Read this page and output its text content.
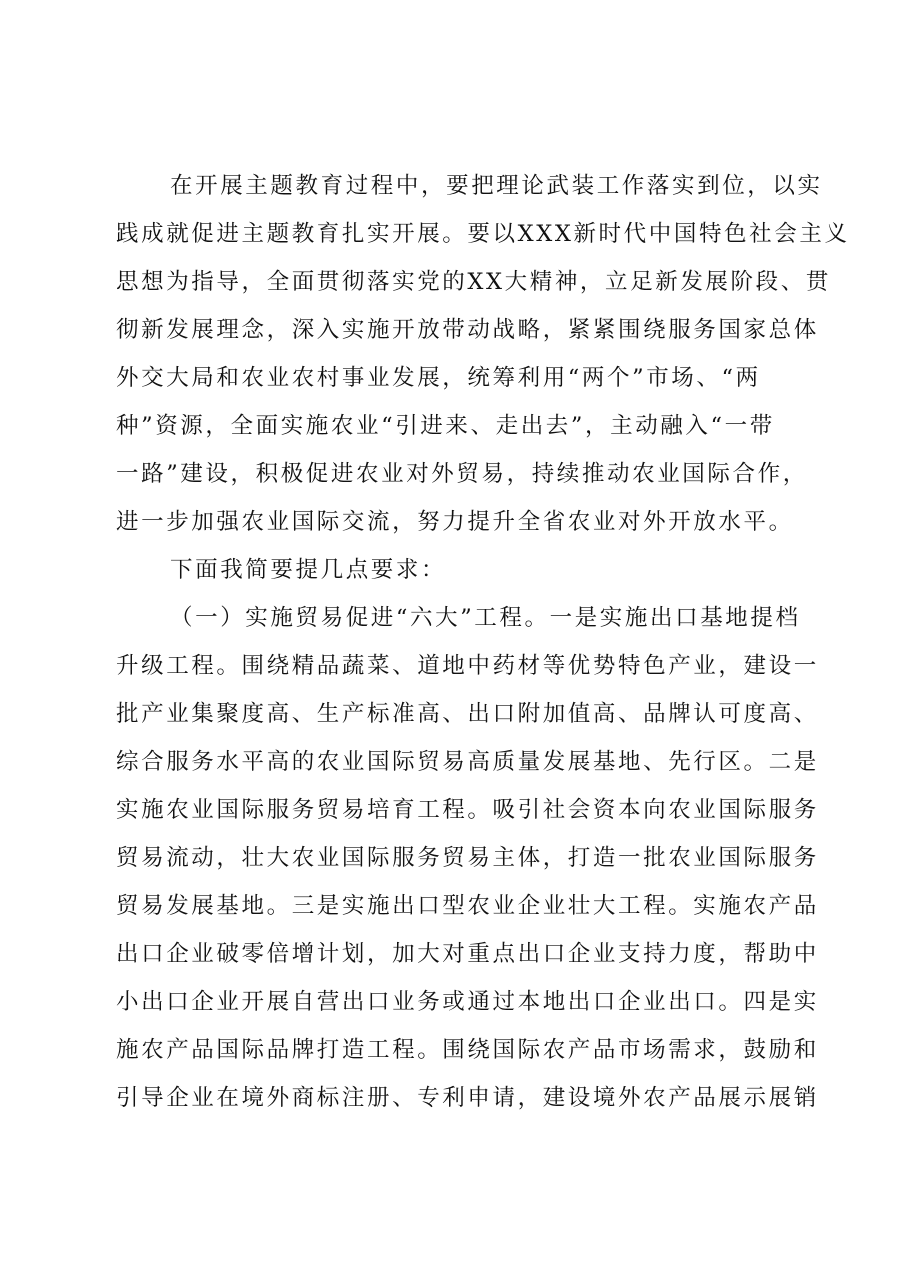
在开展主题教育过程中，要把理论武装工作落实到位，以实
践成就促进主题教育扎实开展。要以XXX新时代中国特色社会主义
思想为指导，全面贯彻落实党的XX大精神，立足新发展阶段、贯
彻新发展理念，深入实施开放带动战略，紧紧围绕服务国家总体
外交大局和农业农村事业发展，统筹利用“两个”市场、“两
种”资源，全面实施农业“引进来、走出去”，主动融入“一带
一路”建设，积极促进农业对外贸易，持续推动农业国际合作，
进一步加强农业国际交流，努力提升全省农业对外开放水平。
下面我简要提几点要求：
（一）实施贸易促进“六大”工程。一是实施出口基地提档
升级工程。围绕精品蔬菜、道地中药材等优势特色产业，建设一
批产业集聚度高、生产标准高、出口附加值高、品牌认可度高、
综合服务水平高的农业国际贸易高质量发展基地、先行区。二是
实施农业国际服务贸易培育工程。吸引社会资本向农业国际服务
贸易流动，壮大农业国际服务贸易主体，打造一批农业国际服务
贸易发展基地。三是实施出口型农业企业壮大工程。实施农产品
出口企业破零倍增计划，加大对重点出口企业支持力度，帮助中
小出口企业开展自营出口业务或通过本地出口企业出口。四是实
施农产品国际品牌打造工程。围绕国际农产品市场需求，鼓励和
引导企业在境外商标注册、专利申请，建设境外农产品展示展销
